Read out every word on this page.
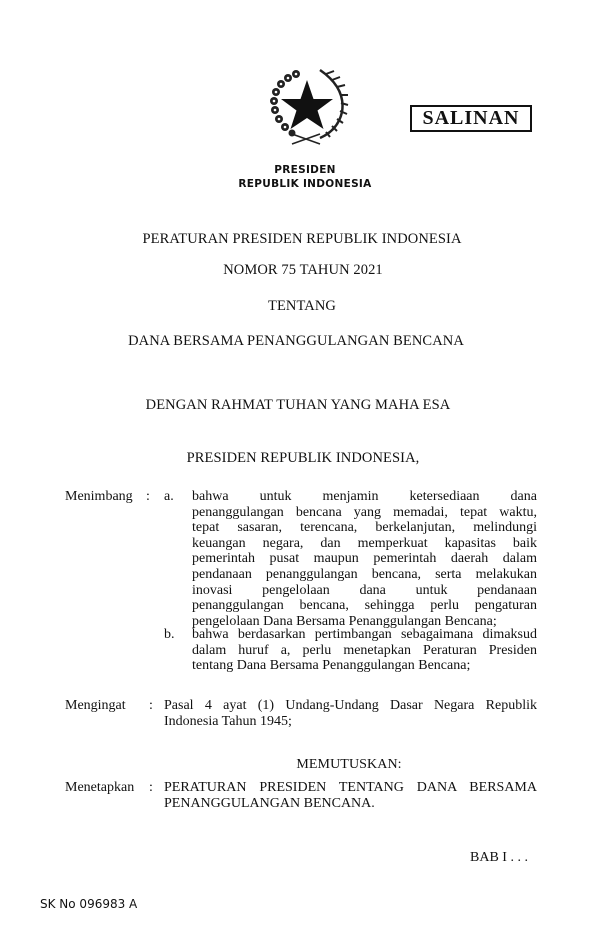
PRESIDEN
REPUBLIK INDONESIA
SALINAN
PERATURAN PRESIDEN REPUBLIK INDONESIA
NOMOR 75 TAHUN 2021
TENTANG
DANA BERSAMA PENANGGULANGAN BENCANA
DENGAN RAHMAT TUHAN YANG MAHA ESA
PRESIDEN REPUBLIK INDONESIA,
Menimbang : a. bahwa untuk menjamin ketersediaan dana
penanggulangan bencana yang memadai, tepat waktu,
tepat sasaran, terencana, berkelanjutan, melindungi
keuangan negara, dan memperkuat kapasitas baik
pemerintah pusat maupun pemerintah daerah dalam
pendanaan penanggulangan bencana, serta melakukan
inovasi pengelolaan dana untuk pendanaan
penanggulangan bencana, sehingga perlu pengaturan
pengelolaan Dana Bersama Penanggulangan Bencana;
b. bahwa berdasarkan pertimbangan sebagaimana dimaksud
dalam huruf a, perlu menetapkan Peraturan Presiden
tentang Dana Bersama Penanggulangan Bencana;
Mengingat : Pasal 4 ayat (1) Undang-Undang Dasar Negara Republik
Indonesia Tahun 1945;
MEMUTUSKAN:
Menetapkan : PERATURAN PRESIDEN TENTANG DANA BERSAMA
PENANGGULANGAN BENCANA.
BAB I . . .
SK No 096983 A
